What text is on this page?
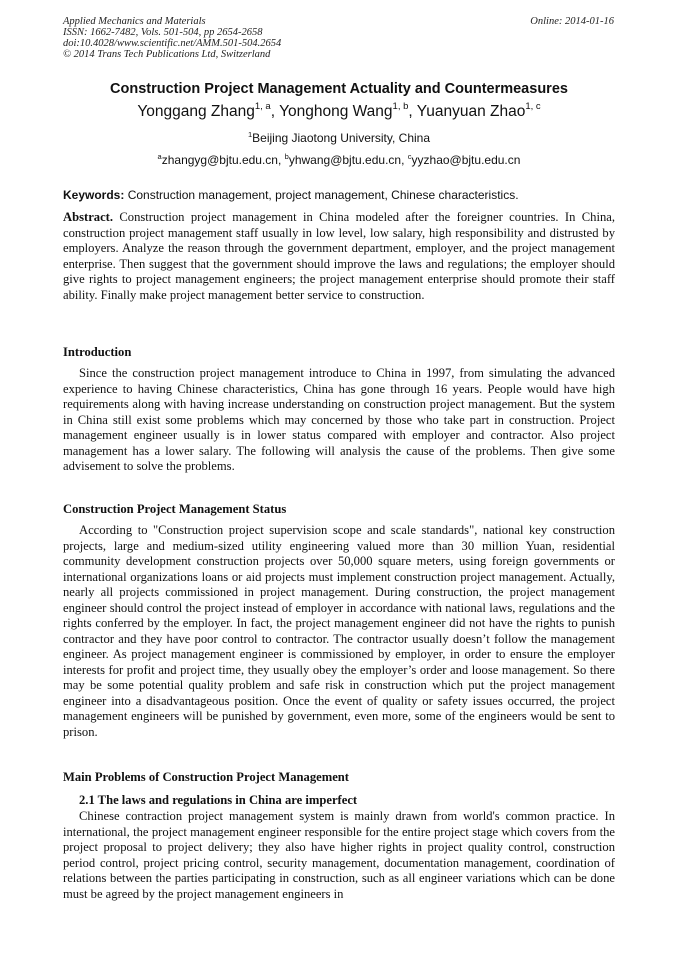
Applied Mechanics and Materials
ISSN: 1662-7482, Vols. 501-504, pp 2654-2658
doi:10.4028/www.scientific.net/AMM.501-504.2654
© 2014 Trans Tech Publications Ltd, Switzerland
Online: 2014-01-16
Construction Project Management Actuality and Countermeasures
Yonggang Zhang$^{1, a}$, Yonghong Wang$^{1, b}$, Yuanyuan Zhao$^{1, c}$
$^1$Beijing Jiaotong University, China
$^a$zhangyg@bjtu.edu.cn, $^b$yhwang@bjtu.edu.cn, $^c$yyzhao@bjtu.edu.cn
Keywords: Construction management, project management, Chinese characteristics.

Abstract. Construction project management in China modeled after the foreigner countries. In China, construction project management staff usually in low level, low salary, high responsibility and distrusted by employers. Analyze the reason through the government department, employer, and the project management enterprise. Then suggest that the government should improve the laws and regulations; the employer should give rights to project management engineers; the project management enterprise should promote their staff ability. Finally make project management better service to construction.

Introduction

Since the construction project management introduce to China in 1997, from simulating the advanced experience to having Chinese characteristics, China has gone through 16 years. People would have high requirements along with having increase understanding on construction project management. But the system in China still exist some problems which may concerned by those who take part in construction. Project management engineer usually is in lower status compared with employer and contractor. Also project management has a lower salary. The following will analysis the cause of the problems. Then give some advisement to solve the problems.

Construction Project Management Status

According to "Construction project supervision scope and scale standards", national key construction projects, large and medium-sized utility engineering valued more than 30 million Yuan, residential community development construction projects over 50,000 square meters, using foreign governments or international organizations loans or aid projects must implement construction project management. Actually, nearly all projects commissioned in project management. During construction, the project management engineer should control the project instead of employer in accordance with national laws, regulations and the rights conferred by the employer. In fact, the project management engineer did not have the rights to punish contractor and they have poor control to contractor. The contractor usually doesn’t follow the management engineer. As project management engineer is commissioned by employer, in order to ensure the employer interests for profit and project time, they usually obey the employer’s order and loose management. So there may be some potential quality problem and safe risk in construction which put the project management engineer into a disadvantageous position. Once the event of quality or safety issues occurred, the project management engineers will be punished by government, even more, some of the engineers would be sent to prison.

Main Problems of Construction Project Management
2.1 The laws and regulations in China are imperfect

Chinese contraction project management system is mainly drawn from world's common practice. In international, the project management engineer responsible for the entire project stage which covers from the project proposal to project delivery; they also have higher rights in project quality control, construction period control, project pricing control, security management, documentation management, coordination of relations between the parties participating in construction, such as all engineer variations which can be done must be agreed by the project management engineers in
